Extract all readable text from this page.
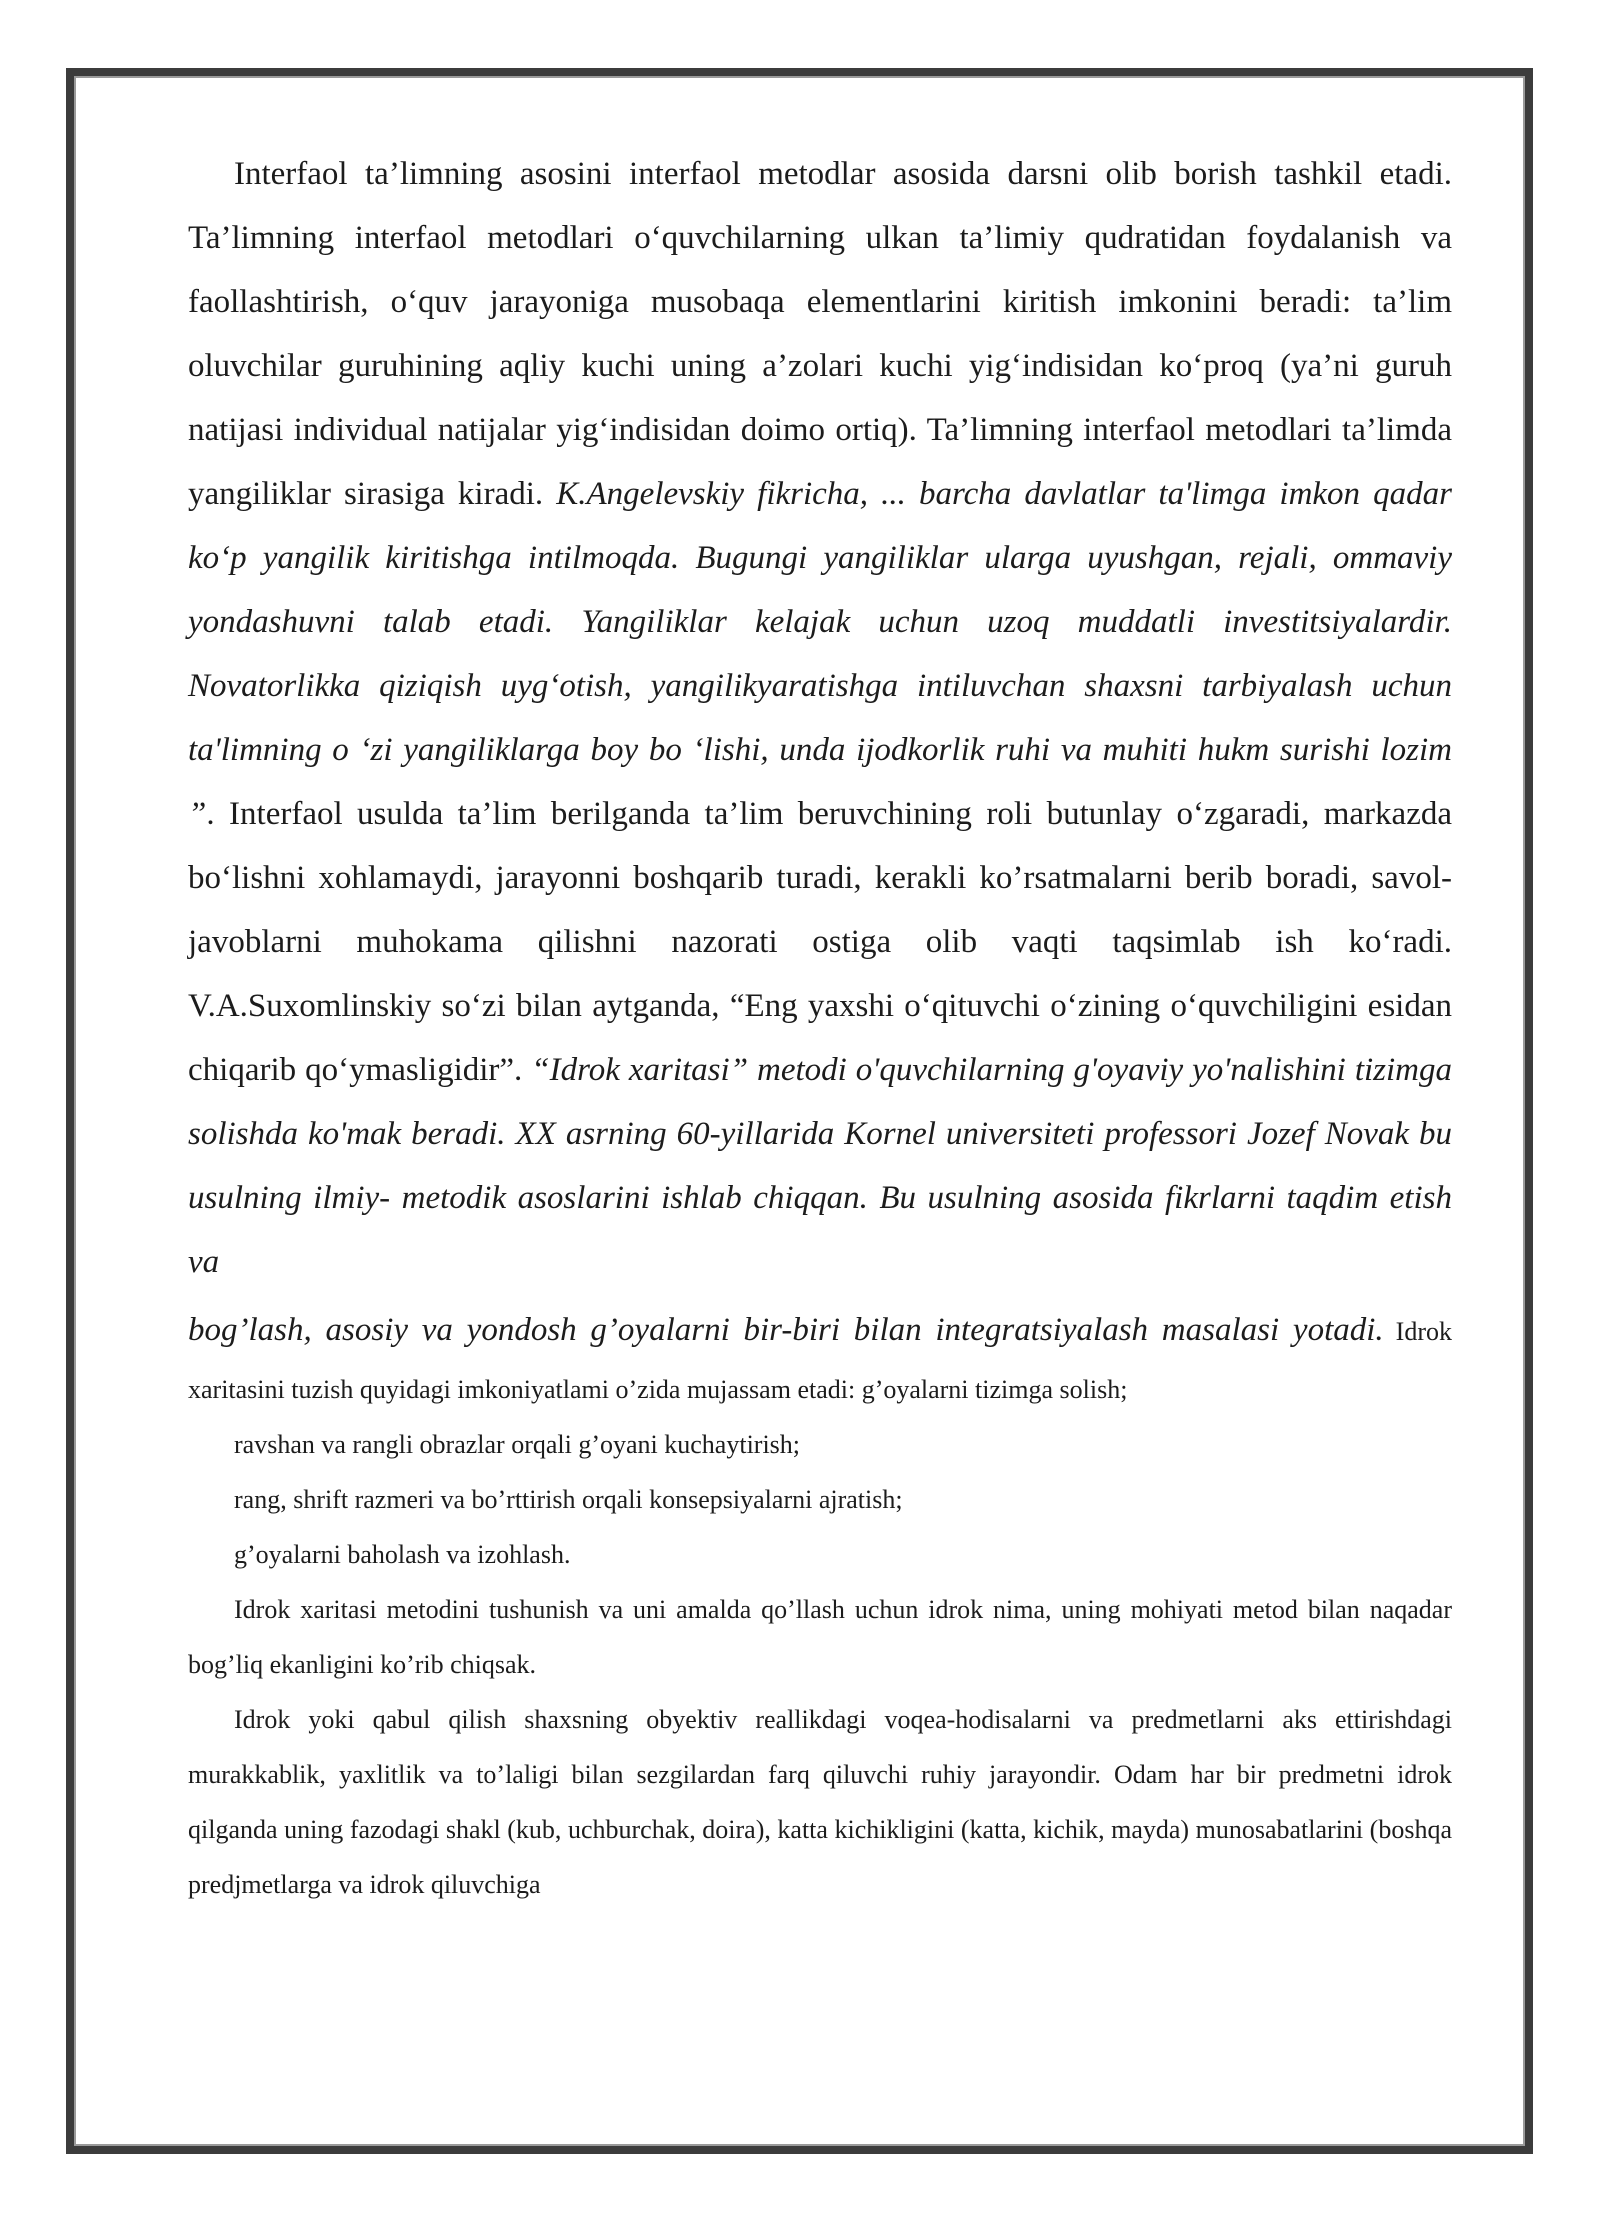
Interfaol ta’limning asosini interfaol metodlar asosida darsni olib borish tashkil etadi. Ta’limning interfaol metodlari o‘quvchilarning ulkan ta’limiy qudratidan foydalanish va faollashtirish, o‘quv jarayoniga musobaqa elementlarini kiritish imkonini beradi: ta’lim oluvchilar guruhining aqliy kuchi uning a’zolari kuchi yig‘indisidan ko‘proq (ya’ni guruh natijasi individual natijalar yig‘indisidan doimo ortiq). Ta’limning interfaol metodlari ta’limda yangiliklar sirasiga kiradi. K.Angelevskiy fikricha, ... barcha davlatlar ta'limga imkon qadar ko‘p yangilik kiritishga intilmoqda. Bugungi yangiliklar ularga uyushgan, rejali, ommaviy yondashuvni talab etadi. Yangiliklar kelajak uchun uzoq muddatli investitsiyalardir. Novatorlikka qiziqish uyg‘otish, yangilikyaratishga intiluvchan shaxsni tarbiyalash uchun ta'limning o ‘zi yangiliklarga boy bo ‘lishi, unda ijodkorlik ruhi va muhiti hukm surishi lozim ”. Interfaol usulda ta’lim berilganda ta’lim beruvchining roli butunlay o‘zgaradi, markazda bo‘lishni xohlamaydi, jarayonni boshqarib turadi, kerakli ko’rsatmalarni berib boradi, savol-javoblarni muhokama qilishni nazorati ostiga olib vaqti taqsimlab ish ko‘radi. V.A.Suxomlinskiy so‘zi bilan aytganda, “Eng yaxshi o‘qituvchi o‘zining o‘quvchiligini esidan chiqarib qo‘ymasligidir”. “Idrok xaritasi” metodi o'quvchilarning g'oyaviy yo'nalishini tizimga solishda ko'mak beradi. XX asrning 60-yillarida Kornel universiteti professori Jozef Novak bu usulning ilmiy- metodik asoslarini ishlab chiqqan. Bu usulning asosida fikrlarni taqdim etish va

bog’lash, asosiy va yondosh g’oyalarni bir-biri bilan integratsiyalash masalasi yotadi. Idrok xaritasini tuzish quyidagi imkoniyatlami o’zida mujassam etadi: g’oyalarni tizimga solish;

ravshan va rangli obrazlar orqali g’oyani kuchaytirish;

rang, shrift razmeri va bo’rttirish orqali konsepsiyalarni ajratish;

g’oyalarni baholash va izohlash.

Idrok xaritasi metodini tushunish va uni amalda qo’llash uchun idrok nima, uning mohiyati metod bilan naqadar bog’liq ekanligini ko’rib chiqsak.

Idrok yoki qabul qilish shaxsning obyektiv reallikdagi voqea-hodisalarni va predmetlarni aks ettirishdagi murakkablik, yaxlitlik va to’laligi bilan sezgilardan farq qiluvchi ruhiy jarayondir. Odam har bir predmetni idrok qilganda uning fazodagi shakl (kub, uchburchak, doira), katta kichikligini (katta, kichik, mayda) munosabatlarini (boshqa predjmetlarga va idrok qiluvchiga
